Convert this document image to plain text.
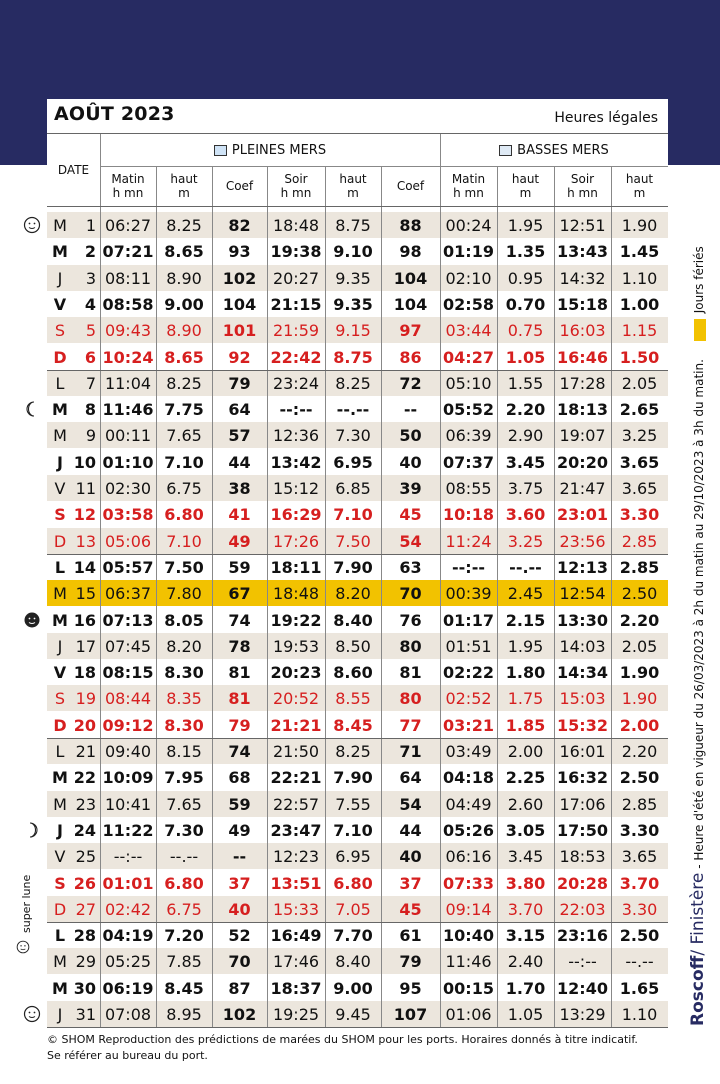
AOÛT 2023	Heures légales
DATE
PLEINES MERS	BASSES MERS
Matin
h mn
haut
m	Coef	Soir
h mn
haut
m	Coef Matin
h mn
haut
m
Soir
h mn
haut
m
M	1 06:27 8.25	82	18:48	8.75	88	00:24	1.95	12:51	1.90
M	2 07:21 8.65	93	19:38 9.10	98	01:19 1.35 13:43 1.45
J	3 08:11 8.90	102	20:27	9.35	104	02:10	0.95	14:32	1.10
V	4 08:58 9.00	104 21:15 9.35	104 02:58 0.70 15:18 1.00
S	5 09:43 8.90	101	21:59	9.15	97	03:44	0.75	16:03	1.15
D	6 10:24 8.65	92	22:42 8.75	86	04:27 1.05 16:46 1.50
L	7 11:04 8.25	79	23:24	8.25	72	05:10	1.55	17:28	2.05
M	8 11:46 7.75	64	--:--	--.--	--	05:52 2.20 18:13 2.65
M	9 00:11 7.65	57	12:36	7.30	50	06:39	2.90	19:07	3.25
J 10 01:10 7.10	44	13:42 6.95	40	07:37 3.45 20:20 3.65
V 11 02:30 6.75	38	15:12	6.85	39	08:55	3.75	21:47	3.65
S 12 03:58 6.80	41	16:29 7.10	45	10:18 3.60 23:01 3.30
D 13 05:06 7.10	49	17:26	7.50	54	11:24	3.25	23:56	2.85
L 14 05:57 7.50	59	18:11 7.90	63	--:--	--.-- 12:13 2.85
M 15 06:37 7.80	67	18:48	8.20	70	00:39	2.45	12:54	2.50
M 16 07:13 8.05	74	19:22 8.40	76	01:17 2.15 13:30 2.20
J 17 07:45 8.20	78	19:53	8.50	80	01:51	1.95	14:03	2.05
V 18 08:15 8.30	81	20:23 8.60	81	02:22 1.80 14:34 1.90
S 19 08:44 8.35	81	20:52	8.55	80	02:52	1.75	15:03	1.90
D 20 09:12 8.30	79	21:21 8.45	77	03:21 1.85 15:32 2.00
L 21 09:40 8.15	74	21:50	8.25	71	03:49	2.00	16:01	2.20
M 22 10:09 7.95	68	22:21 7.90	64	04:18 2.25 16:32 2.50
M 23 10:41 7.65	59	22:57	7.55	54	04:49	2.60	17:06	2.85
J 24 11:22 7.30	49	23:47 7.10	44	05:26 3.05 17:50 3.30
V 25	--:--	--.--	--	12:23	6.95	40	06:16	3.45	18:53	3.65
S 26 01:01 6.80	37	13:51 6.80	37	07:33 3.80 20:28 3.70
D 27 02:42 6.75	40	15:33	7.05	45	09:14	3.70	22:03	3.30
L 28 04:19 7.20	52	16:49 7.70	61	10:40 3.15 23:16 2.50
M 29 05:25 7.85	70	17:46	8.40	79	11:46	2.40	--:--	--.--
M 30 06:19 8.45	87	18:37 9.00	95	00:15 1.70 12:40 1.65
J 31 07:08 8.95	102	19:25	9.45	107	01:06	1.05	13:29	1.10
super lune
Roscoff/ Finistère - Heure d'été en vigueur du 26/03/2023 à 2h du matin au 29/10/2023 à 3h du matin. Jours fériés
© SHOM Reproduction des prédictions de marées du SHOM pour les ports. Horaires donnés à titre indicatif.
Se référer au bureau du port.
